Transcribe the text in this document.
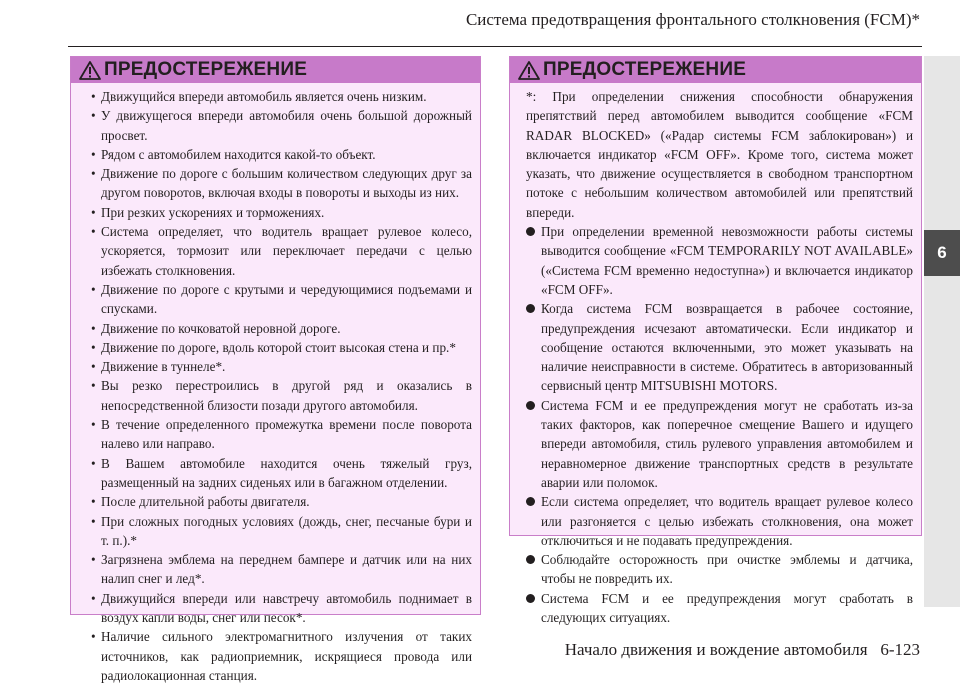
Система предотвращения фронтального столкновения (FCM)*
6
ПРЕДОСТЕРЕЖЕНИЕ
• Движущийся впереди автомобиль является очень низким.
• У движущегося впереди автомобиля очень большой дорожный просвет.
• Рядом с автомобилем находится какой-то объект.
• Движение по дороге с большим количеством следующих друг за другом поворотов, включая входы в повороты и выходы из них.
• При резких ускорениях и торможениях.
• Система определяет, что водитель вращает рулевое колесо, ускоряется, тормозит или переключает передачи с целью избежать столкновения.
• Движение по дороге с крутыми и чередующимися подъемами и спусками.
• Движение по кочковатой неровной дороге.
• Движение по дороге, вдоль которой стоит высокая стена и пр.*
• Движение в туннеле*.
• Вы резко перестроились в другой ряд и оказались в непосредственной близости позади другого автомобиля.
• В течение определенного промежутка времени после поворота налево или направо.
• В Вашем автомобиле находится очень тяжелый груз, размещенный на задних сиденьях или в багажном отделении.
• После длительной работы двигателя.
• При сложных погодных условиях (дождь, снег, песчаные бури и т. п.).*
• Загрязнена эмблема на переднем бампере и датчик или на них налип снег и лед*.
• Движущийся впереди или навстречу автомобиль поднимает в воздух капли воды, снег или песок*.
• Наличие сильного электромагнитного излучения от таких источников, как радиоприемник, искрящиеся провода или радиолокационная станция.
ПРЕДОСТЕРЕЖЕНИЕ
*: При определении снижения способности обнаружения препятствий перед автомобилем выводится сообщение «FCM RADAR BLOCKED» («Радар системы FCM заблокирован») и включается индикатор «FCM OFF». Кроме того, система может указать, что движение осуществляется в свободном транспортном потоке с небольшим количеством автомобилей или препятствий впереди.
При определении временной невозможности работы системы выводится сообщение «FCM TEMPORARILY NOT AVAILABLE» («Система FCM временно недоступна») и включается индикатор «FCM OFF».
Когда система FCM возвращается в рабочее состояние, предупреждения исчезают автоматически. Если индикатор и сообщение остаются включенными, это может указывать на наличие неисправности в системе. Обратитесь в авторизованный сервисный центр MITSUBISHI MOTORS.
Система FCM и ее предупреждения могут не сработать из-за таких факторов, как поперечное смещение Вашего и идущего впереди автомобиля, стиль рулевого управления автомобилем и неравномерное движение транспортных средств в результате аварии или поломок.
Если система определяет, что водитель вращает рулевое колесо или разгоняется с целью избежать столкновения, она может отключиться и не подавать предупреждения.
Соблюдайте осторожность при очистке эмблемы и датчика, чтобы не повредить их.
Система FCM и ее предупреждения могут сработать в следующих ситуациях.
Начало движения и вождение автомобиля 6-123
